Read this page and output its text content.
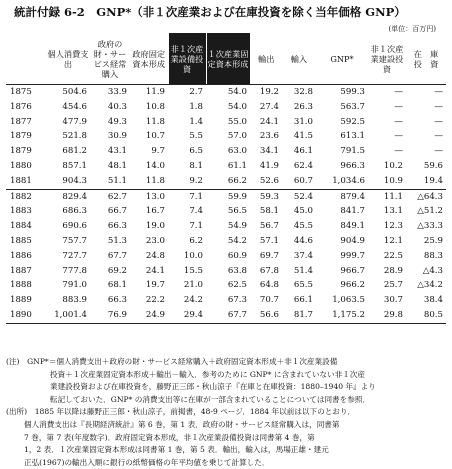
統計付録 6-2　GNP*（非１次産業および在庫投資を除く当年価格 GNP）
(単位：百万円)
	個人消費支出	政府の財・サービス経常購入	政府固定資本形成	非１次産業設備投資	１次産業固定資本形成	輸出	輸入	GNP*	非１次産業建設投資	在　庫　投　資
1875	504.6	33.9	11.9	2.7	54.0	19.2	32.8	599.3	—	—
1876	454.6	40.3	10.8	1.8	54.0	27.4	26.3	563.7	—	—
1877	477.9	49.3	11.8	1.4	55.0	24.1	31.0	592.5	—	—
1879	521.8	30.9	10.7	5.5	57.0	23.6	41.5	613.1	—	—
1879	681.2	43.1	9.7	6.5	63.0	34.1	46.1	791.5	—	—
1880	857.1	48.1	14.0	8.1	61.1	41.9	62.4	966.3	10.2	59.6
1881	904.3	51.1	11.8	9.2	66.2	52.6	60.7	1,034.6	10.9	19.4
1882	829.4	62.7	13.0	7.1	59.9	59.3	52.4	879.4	11.1	△64.3
1883	686.3	66.7	16.7	7.4	56.5	58.1	45.0	841.7	13.1	△51.2
1884	690.6	66.3	19.0	7.1	54.9	56.7	45.5	849.1	12.3	△33.3
1885	757.7	51.3	23.0	6.2	54.2	57.1	44.6	904.9	12.1	25.9
1886	727.7	67.7	24.8	10.0	60.9	69.7	37.4	999.7	22.5	88.3
1887	777.8	69.2	24.1	15.5	63.8	67.8	51.4	966.7	28.9	△4.3
1888	791.0	68.1	19.7	21.0	62.5	64.8	65.5	966.2	25.7	△34.2
1889	883.9	66.3	22.2	24.2	67.3	70.7	66.1	1,063.5	30.7	38.4
1890	1,001.4	76.9	24.9	29.4	67.7	56.6	81.7	1,175.2	29.8	80.5
(注)　GNP*＝個人消費支出＋政府の財・サービス経常購入＋政府固定資本形成＋非１次産業設備
投資＋１次産業固定資本形成＋輸出－輸入．参考のために GNP* に含まれていない非１次産
業建設投資および在庫投資を，藤野正三郎・秋山涼子『在庫と在庫投資：1880–1940 年』より
転記しておいた．GNP* の消費支出等に在庫が一部含まれていることについては同書を参照．
(出所)　1885 年以降は藤野正三郎・秋山涼子，前掲書，48-9 ページ．1884 年以前は以下のとおり．
個人消費支出は『長期経済統計』第 6 巻，第 1 表．政府の財・サービス経常購入は，同書第
7 巻，第 7 表(年度数字)．政府固定資本形成，非１次産業設備投資は同書第 4 巻，第
1，2 表．１次産業固定資本形成は同書第 1 巻，第 5 表．輸出，輸入は，馬場正雄・建元
正弘(1967)の輸出入額に銀行の紙幣価格の年平均値を乗じて計算した．
